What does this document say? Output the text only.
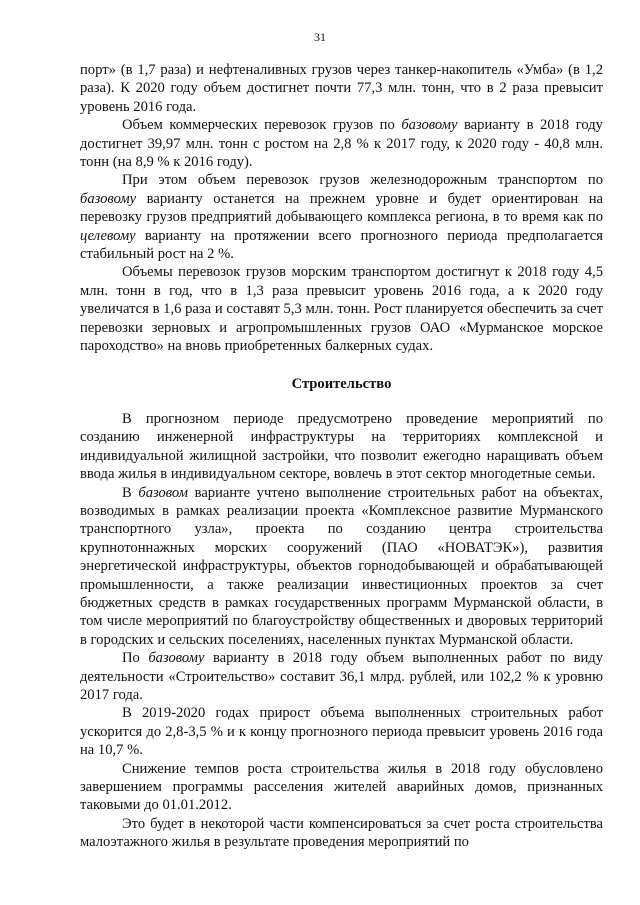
31

порт» (в 1,7 раза) и нефтеналивных грузов через танкер-накопитель «Умба» (в 1,2 раза). К 2020 году объем достигнет почти 77,3 млн. тонн, что в 2 раза превысит уровень 2016 года.

Объем коммерческих перевозок грузов по базовому варианту в 2018 году достигнет 39,97 млн. тонн с ростом на 2,8 % к 2017 году, к 2020 году - 40,8 млн. тонн (на 8,9 % к 2016 году).

При этом объем перевозок грузов железнодорожным транспортом по базовому варианту останется на прежнем уровне и будет ориентирован на перевозку грузов предприятий добывающего комплекса региона, в то время как по целевому варианту на протяжении всего прогнозного периода предполагается стабильный рост на 2 %.

Объемы перевозок грузов морским транспортом достигнут к 2018 году 4,5 млн. тонн в год, что в 1,3 раза превысит уровень 2016 года, а к 2020 году увеличатся в 1,6 раза и составят 5,3 млн. тонн. Рост планируется обеспечить за счет перевозки зерновых и агропромышленных грузов ОАО «Мурманское морское пароходство» на вновь приобретенных балкерных судах.

Строительство

В прогнозном периоде предусмотрено проведение мероприятий по созданию инженерной инфраструктуры на территориях комплексной и индивидуальной жилищной застройки, что позволит ежегодно наращивать объем ввода жилья в индивидуальном секторе, вовлечь в этот сектор многодетные семьи.

В базовом варианте учтено выполнение строительных работ на объектах, возводимых в рамках реализации проекта «Комплексное развитие Мурманского транспортного узла», проекта по созданию центра строительства крупнотоннажных морских сооружений (ПАО «НОВАТЭК»), развития энергетической инфраструктуры, объектов горнодобывающей и обрабатывающей промышленности, а также реализации инвестиционных проектов за счет бюджетных средств в рамках государственных программ Мурманской области, в том числе мероприятий по благоустройству общественных и дворовых территорий в городских и сельских поселениях, населенных пунктах Мурманской области.

По базовому варианту в 2018 году объем выполненных работ по виду деятельности «Строительство» составит 36,1 млрд. рублей, или 102,2 % к уровню 2017 года.

В 2019-2020 годах прирост объема выполненных строительных работ ускорится до 2,8-3,5 % и к концу прогнозного периода превысит уровень 2016 года на 10,7 %.

Снижение темпов роста строительства жилья в 2018 году обусловлено завершением программы расселения жителей аварийных домов, признанных таковыми до 01.01.2012.

Это будет в некоторой части компенсироваться за счет роста строительства малоэтажного жилья в результате проведения мероприятий по
